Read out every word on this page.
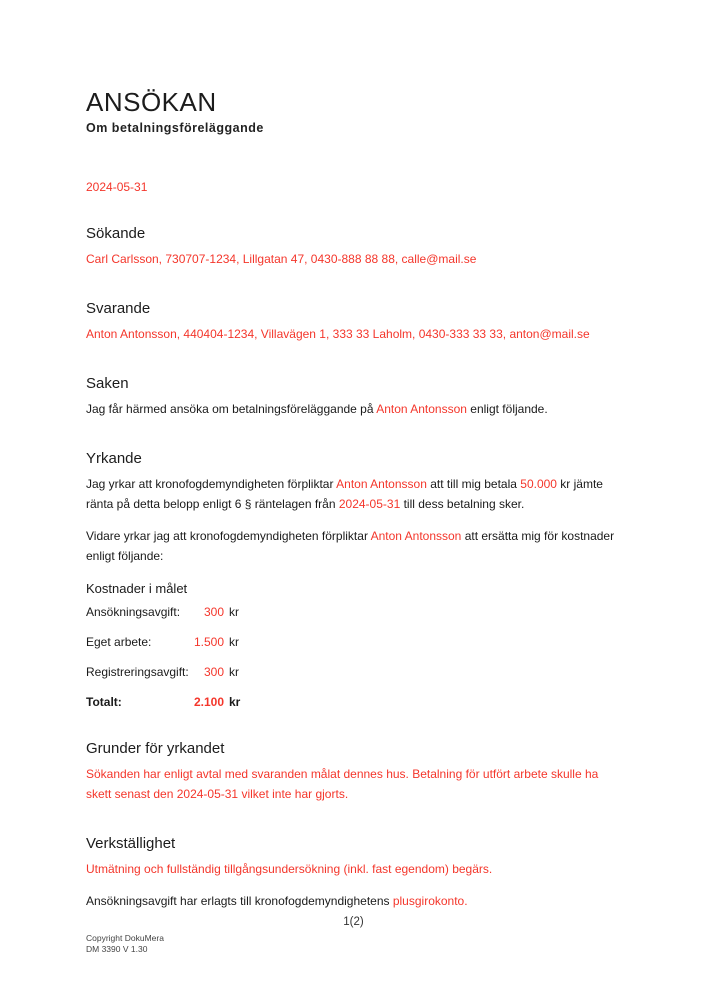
ANSÖKAN
Om betalningsföreläggande
2024-05-31
Sökande

Carl Carlsson, 730707-1234, Lillgatan 47, 0430-888 88 88, calle@mail.se

Svarande

Anton Antonsson, 440404-1234, Villavägen 1, 333 33 Laholm, 0430-333 33 33, anton@mail.se

Saken

Jag får härmed ansöka om betalningsföreläggande på Anton Antonsson enligt följande.

Yrkande

Jag yrkar att kronofogdemyndigheten förpliktar Anton Antonsson att till mig betala 50.000 kr jämte ränta på detta belopp enligt 6 § räntelagen från 2024-05-31 till dess betalning sker.

Vidare yrkar jag att kronofogdemyndigheten förpliktar Anton Antonsson att ersätta mig för kostnader enligt följande:

Kostnader i målet
Ansökningsavgift:	300 kr
Eget arbete:	1.500 kr
Registreringsavgift:	300 kr
Totalt:	2.100 kr
Grunder för yrkandet

Sökanden har enligt avtal med svaranden målat dennes hus. Betalning för utfört arbete skulle ha skett senast den 2024-05-31 vilket inte har gjorts.

Verkställighet

Utmätning och fullständig tillgångsundersökning (inkl. fast egendom) begärs.

Ansökningsavgift har erlagts till kronofogdemyndighetens plusgirokonto.

1(2)
Copyright DokuMera
DM 3390 V 1.30
